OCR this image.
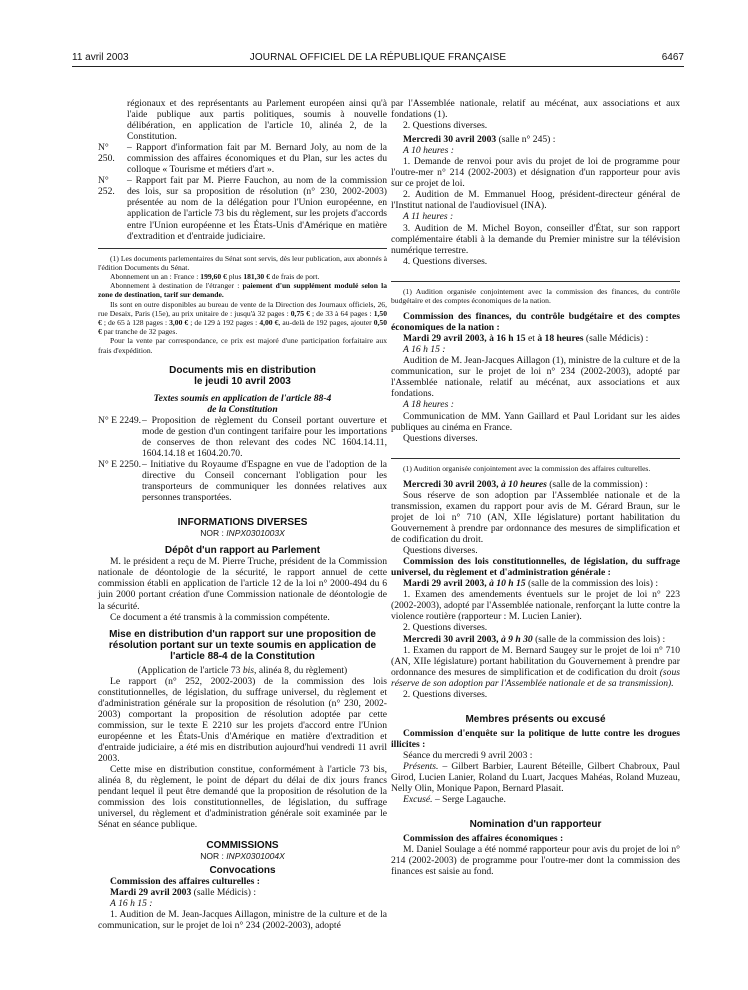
11 avril 2003	JOURNAL OFFICIEL DE LA RÉPUBLIQUE FRANÇAISE	6467

régionaux et des représentants au Parlement européen ainsi qu'à l'aide publique aux partis politiques, soumis à nouvelle délibération, en application de l'article 10, alinéa 2, de la Constitution.

N° 250.
– Rapport d'information fait par M. Bernard Joly, au nom de la commission des affaires économiques et du Plan, sur les actes du colloque « Tourisme et métiers d'art ».
N° 252.
– Rapport fait par M. Pierre Fauchon, au nom de la commission des lois, sur sa proposition de résolution (n° 230, 2002-2003) présentée au nom de la délégation pour l'Union européenne, en application de l'article 73 bis du règlement, sur les projets d'accords entre l'Union européenne et les États-Unis d'Amérique en matière d'extradition et d'entraide judiciaire.

(1) Les documents parlementaires du Sénat sont servis, dès leur publication, aux abonnés à l'édition Documents du Sénat.

Abonnement un an : France : 199,60 € plus 181,30 € de frais de port.

Abonnement à destination de l'étranger : paiement d'un supplément modulé selon la zone de destination, tarif sur demande.

Ils sont en outre disponibles au bureau de vente de la Direction des Journaux officiels, 26, rue Desaix, Paris (15e), au prix unitaire de : jusqu'à 32 pages : 0,75 € ; de 33 à 64 pages : 1,50 € ; de 65 à 128 pages : 3,00 € ; de 129 à 192 pages : 4,00 €, au-delà de 192 pages, ajouter 0,50 € par tranche de 32 pages.

Pour la vente par correspondance, ce prix est majoré d'une participation forfaitaire aux frais d'expédition.

Documents mis en distribution
le jeudi 10 avril 2003
Textes soumis en application de l'article 88-4
de la Constitution
N° E 2249. – Proposition de règlement du Conseil portant ouverture et mode de gestion d'un contingent tarifaire pour les importations de conserves de thon relevant des codes NC 1604.14.11, 1604.14.18 et 1604.20.70.
N° E 2250. – Initiative du Royaume d'Espagne en vue de l'adoption de la directive du Conseil concernant l'obligation pour les transporteurs de communiquer les données relatives aux personnes transportées.
INFORMATIONS DIVERSES
NOR : INPX0301003X
Dépôt d'un rapport au Parlement

M. le président a reçu de M. Pierre Truche, président de la Commission nationale de déontologie de la sécurité, le rapport annuel de cette commission établi en application de l'article 12 de la loi n° 2000-494 du 6 juin 2000 portant création d'une Commission nationale de déontologie de la sécurité.

Ce document a été transmis à la commission compétente.

Mise en distribution d'un rapport sur une proposition de résolution portant sur un texte soumis en application de l'article 88-4 de la Constitution
(Application de l'article 73 bis, alinéa 8, du règlement)

Le rapport (n° 252, 2002-2003) de la commission des lois constitutionnelles, de législation, du suffrage universel, du règlement et d'administration générale sur la proposition de résolution (n° 230, 2002-2003) comportant la proposition de résolution adoptée par cette commission, sur le texte E 2210 sur les projets d'accord entre l'Union européenne et les États-Unis d'Amérique en matière d'extradition et d'entraide judiciaire, a été mis en distribution aujourd'hui vendredi 11 avril 2003.

Cette mise en distribution constitue, conformément à l'article 73 bis, alinéa 8, du règlement, le point de départ du délai de dix jours francs pendant lequel il peut être demandé que la proposition de résolution de la commission des lois constitutionnelles, de législation, du suffrage universel, du règlement et d'administration générale soit examinée par le Sénat en séance publique.

COMMISSIONS
NOR : INPX0301004X
Convocations

Commission des affaires culturelles :

Mardi 29 avril 2003 (salle Médicis) :

A 16 h 15 :

1. Audition de M. Jean-Jacques Aillagon, ministre de la culture et de la communication, sur le projet de loi n° 234 (2002-2003), adopté

par l'Assemblée nationale, relatif au mécénat, aux associations et aux fondations (1).

2. Questions diverses.

Mercredi 30 avril 2003 (salle n° 245) :

A 10 heures :

1. Demande de renvoi pour avis du projet de loi de programme pour l'outre-mer n° 214 (2002-2003) et désignation d'un rapporteur pour avis sur ce projet de loi.

2. Audition de M. Emmanuel Hoog, président-directeur général de l'Institut national de l'audiovisuel (INA).

A 11 heures :

3. Audition de M. Michel Boyon, conseiller d'État, sur son rapport complémentaire établi à la demande du Premier ministre sur la télévision numérique terrestre.

4. Questions diverses.

(1) Audition organisée conjointement avec la commission des finances, du contrôle budgétaire et des comptes économiques de la nation.

Commission des finances, du contrôle budgétaire et des comptes économiques de la nation :

Mardi 29 avril 2003, à 16 h 15 et à 18 heures (salle Médicis) :

A 16 h 15 :

Audition de M. Jean-Jacques Aillagon (1), ministre de la culture et de la communication, sur le projet de loi n° 234 (2002-2003), adopté par l'Assemblée nationale, relatif au mécénat, aux associations et aux fondations.

A 18 heures :

Communication de MM. Yann Gaillard et Paul Loridant sur les aides publiques au cinéma en France.

Questions diverses.

(1) Audition organisée conjointement avec la commission des affaires culturelles.

Mercredi 30 avril 2003, à 10 heures (salle de la commission) :

Sous réserve de son adoption par l'Assemblée nationale et de la transmission, examen du rapport pour avis de M. Gérard Braun, sur le projet de loi n° 710 (AN, XIIe législature) portant habilitation du Gouvernement à prendre par ordonnance des mesures de simplification et de codification du droit.

Questions diverses.

Commission des lois constitutionnelles, de législation, du suffrage universel, du règlement et d'administration générale :

Mardi 29 avril 2003, à 10 h 15 (salle de la commission des lois) :

1. Examen des amendements éventuels sur le projet de loi n° 223 (2002-2003), adopté par l'Assemblée nationale, renforçant la lutte contre la violence routière (rapporteur : M. Lucien Lanier).

2. Questions diverses.

Mercredi 30 avril 2003, à 9 h 30 (salle de la commission des lois) :

1. Examen du rapport de M. Bernard Saugey sur le projet de loi n° 710 (AN, XIIe législature) portant habilitation du Gouvernement à prendre par ordonnance des mesures de simplification et de codification du droit (sous réserve de son adoption par l'Assemblée nationale et de sa transmission).

2. Questions diverses.

Membres présents ou excusé

Commission d'enquête sur la politique de lutte contre les drogues illicites :

Séance du mercredi 9 avril 2003 :

Présents. – Gilbert Barbier, Laurent Béteille, Gilbert Chabroux, Paul Girod, Lucien Lanier, Roland du Luart, Jacques Mahéas, Roland Muzeau, Nelly Olin, Monique Papon, Bernard Plasait.

Excusé. – Serge Lagauche.

Nomination d'un rapporteur

Commission des affaires économiques :

M. Daniel Soulage a été nommé rapporteur pour avis du projet de loi n° 214 (2002-2003) de programme pour l'outre-mer dont la commission des finances est saisie au fond.
